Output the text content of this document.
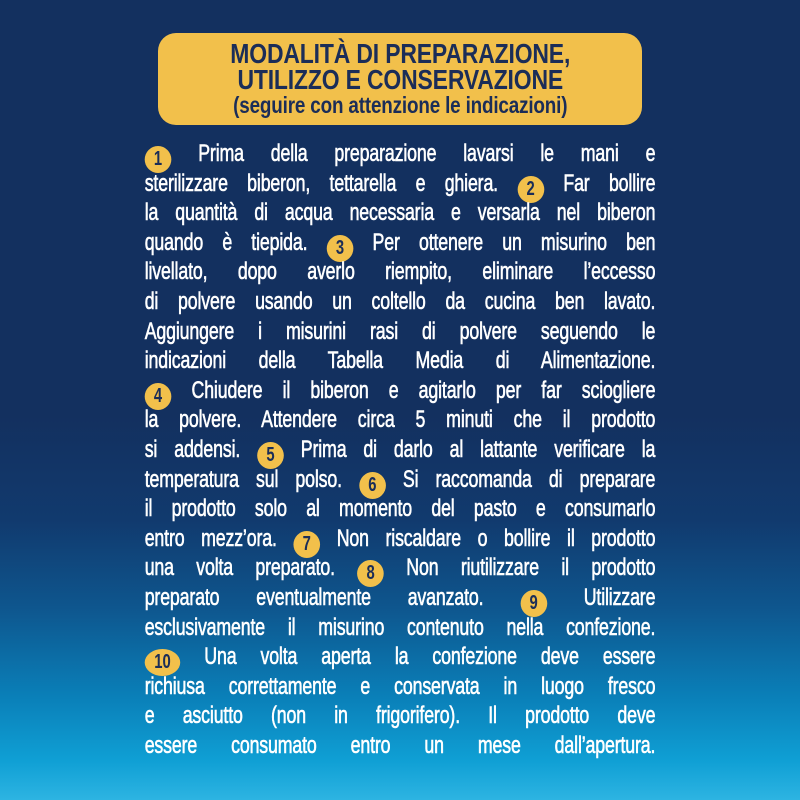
MODALITÀ DI PREPARAZIONE,
UTILIZZO E CONSERVAZIONE
(seguire con attenzione le indicazioni)
1 Prima della preparazione lavarsi le mani e
sterilizzare biberon, tettarella e ghiera. 2 Far bollire
la quantità di acqua necessaria e versarla nel biberon
quando è tiepida. 3 Per ottenere un misurino ben
livellato, dopo averlo riempito, eliminare l’eccesso
di polvere usando un coltello da cucina ben lavato.
Aggiungere i misurini rasi di polvere seguendo le
indicazioni della Tabella Media di Alimentazione.
4 Chiudere il biberon e agitarlo per far sciogliere
la polvere. Attendere circa 5 minuti che il prodotto
si addensi. 5 Prima di darlo al lattante verificare la
temperatura sul polso. 6 Si raccomanda di preparare
il prodotto solo al momento del pasto e consumarlo
entro mezz’ora. 7 Non riscaldare o bollire il prodotto
una volta preparato. 8 Non riutilizzare il prodotto
preparato eventualmente avanzato. 9 Utilizzare
esclusivamente il misurino contenuto nella confezione.
10 Una volta aperta la confezione deve essere
richiusa correttamente e conservata in luogo fresco
e asciutto (non in frigorifero). Il prodotto deve
essere consumato entro un mese dall’apertura.
